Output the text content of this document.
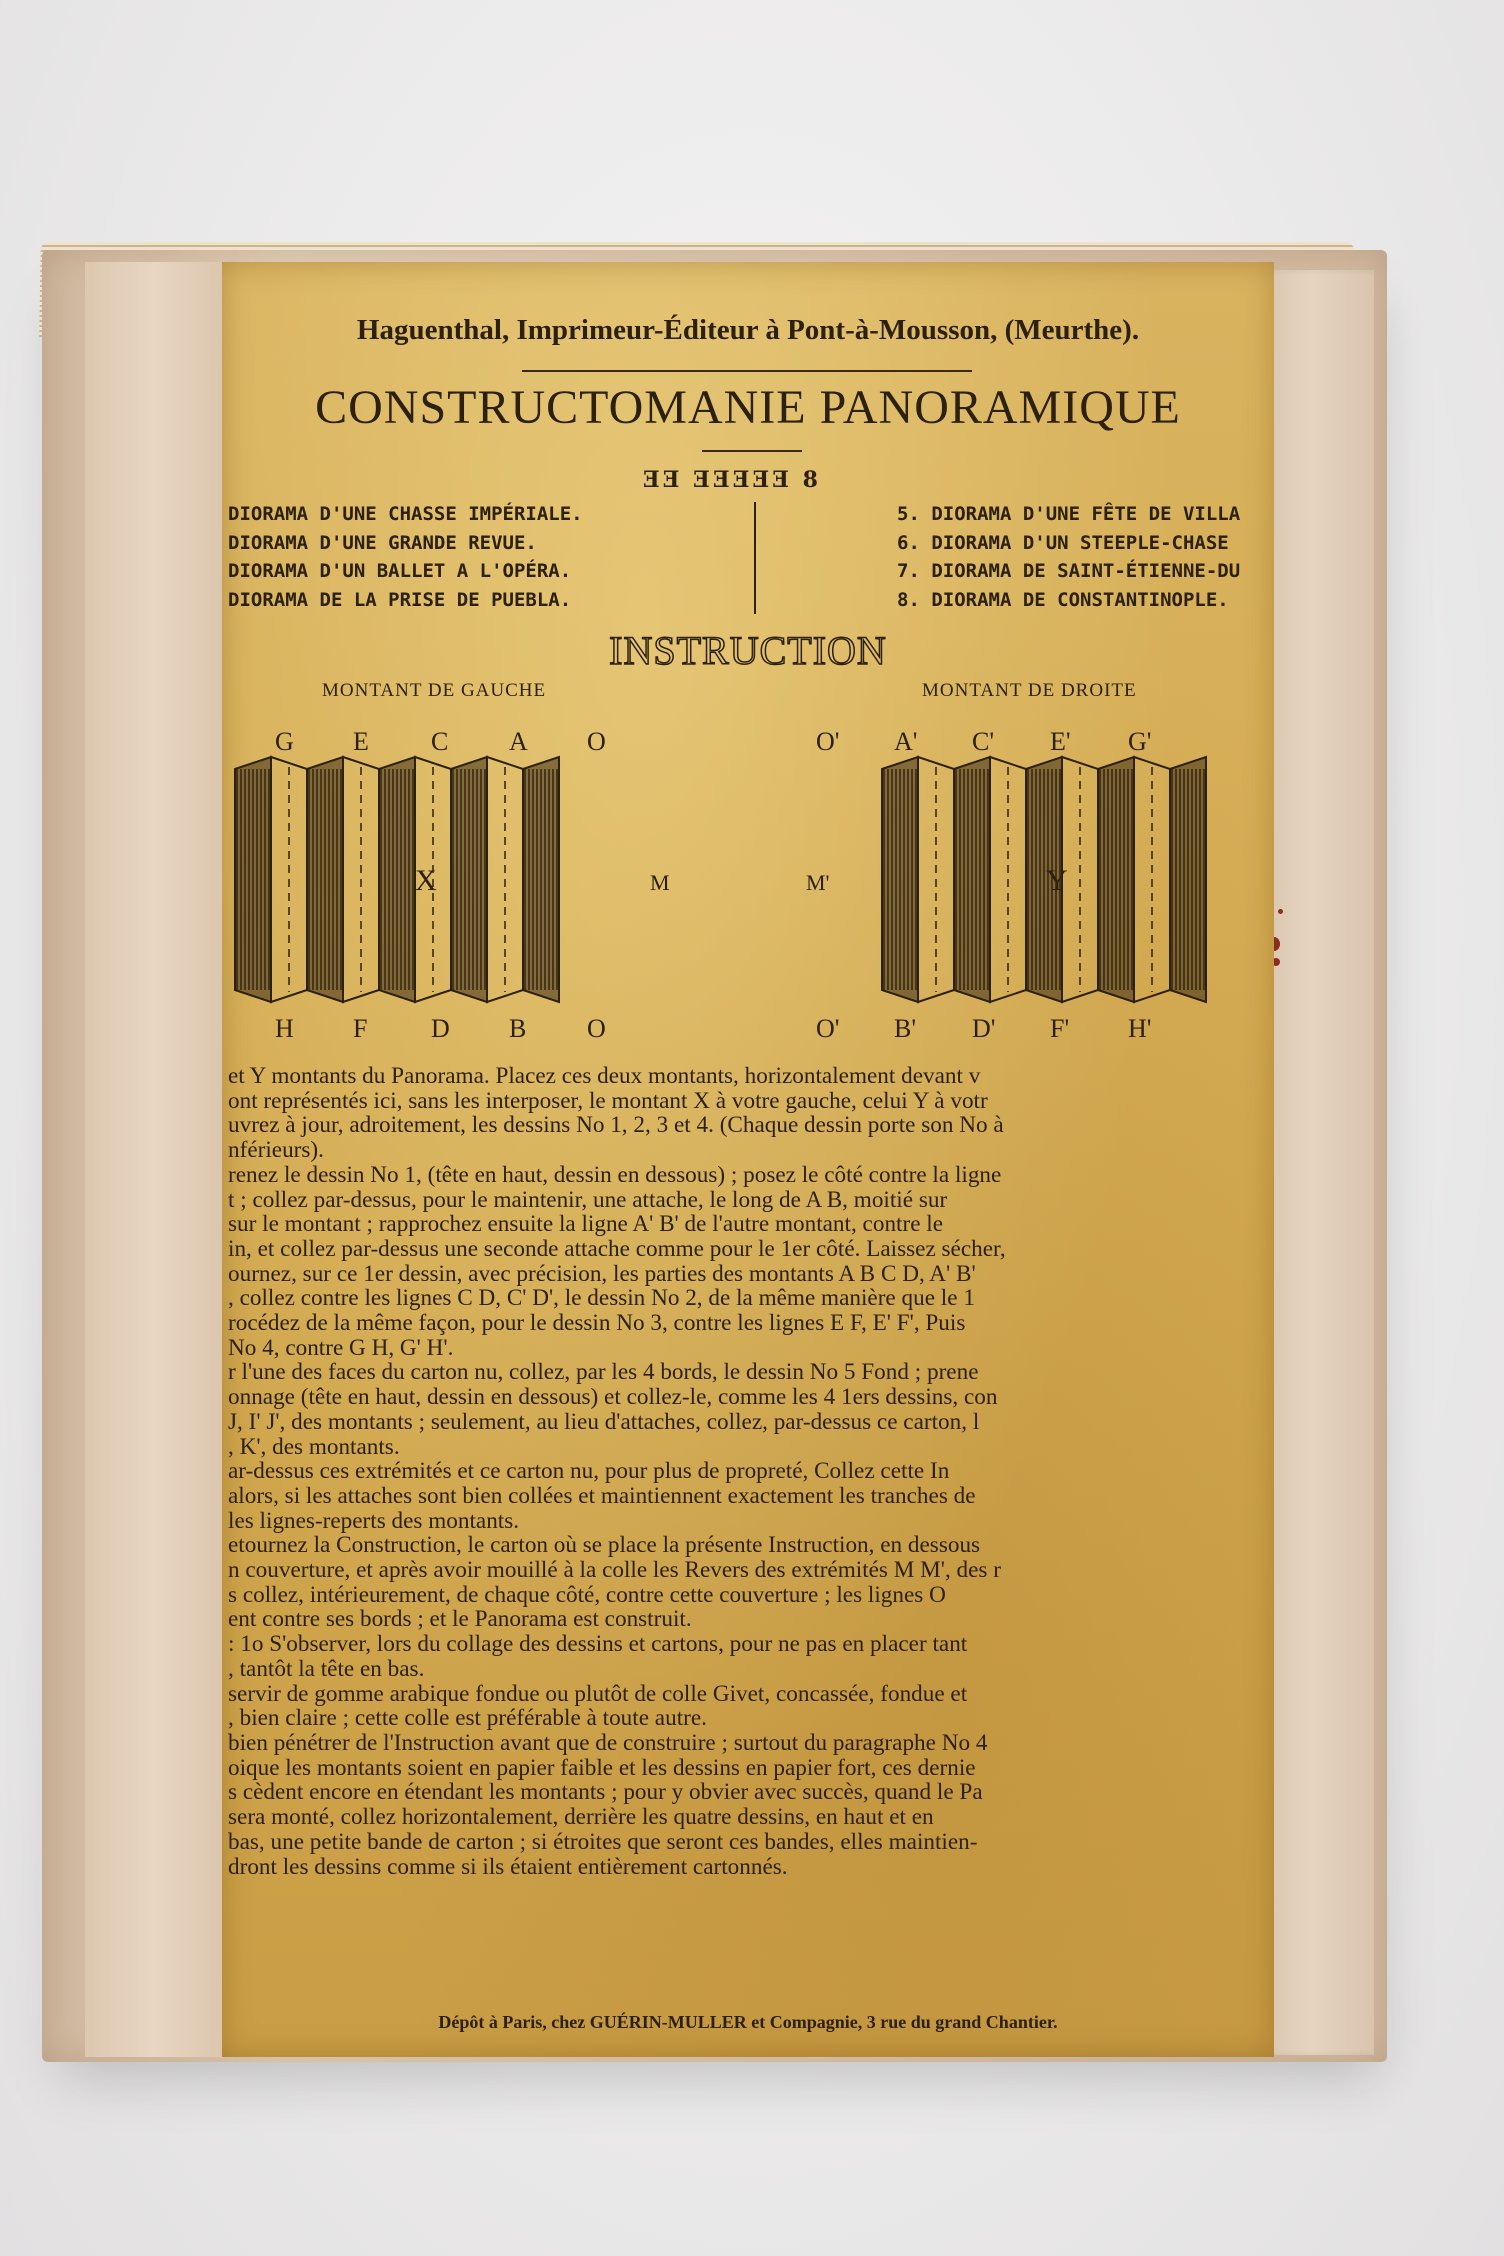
Haguenthal, Imprimeur-Éditeur à Pont-à-Mousson, (Meurthe).
CONSTRUCTOMANIE PANORAMIQUE
ƎƎ ƎƎƎƎƎ 8
DIORAMA D'UNE CHASSE IMPÉRIALE.
DIORAMA D'UNE GRANDE REVUE.
DIORAMA D'UN BALLET A L'OPÉRA.
DIORAMA DE LA PRISE DE PUEBLA.
5. DIORAMA D'UNE FÊTE DE VILLA
6. DIORAMA D'UN STEEPLE-CHASE
7. DIORAMA DE SAINT-ÉTIENNE-DU
8. DIORAMA DE CONSTANTINOPLE.
INSTRUCTION
MONTANT DE GAUCHE	MONTANT DE DROITE
G
H
E
F
C
D
A
B
O
O
X	M
O'
O'
A'
B'
C'
D'
E'
F'
G'
H'
Y
M'
et Y montants du Panorama. Placez ces deux montants, horizontalement devant v
ont représentés ici, sans les interposer, le montant X à votre gauche, celui Y à votr
uvrez à jour, adroitement, les dessins No 1, 2, 3 et 4. (Chaque dessin porte son No à
nférieurs).
renez le dessin No 1, (tête en haut, dessin en dessous) ; posez le côté contre la ligne
t ; collez par-dessus, pour le maintenir, une attache, le long de A B, moitié sur
sur le montant ; rapprochez ensuite la ligne A' B' de l'autre montant, contre le
in, et collez par-dessus une seconde attache comme pour le 1er côté. Laissez sécher,
ournez, sur ce 1er dessin, avec précision, les parties des montants A B C D, A' B'
, collez contre les lignes C D, C' D', le dessin No 2, de la même manière que le 1
rocédez de la même façon, pour le dessin No 3, contre les lignes E F, E' F', Puis
No 4, contre G H, G' H'.
r l'une des faces du carton nu, collez, par les 4 bords, le dessin No 5 Fond ; prene
onnage (tête en haut, dessin en dessous) et collez-le, comme les 4 1ers dessins, con
J, I' J', des montants ; seulement, au lieu d'attaches, collez, par-dessus ce carton, l
, K', des montants.
ar-dessus ces extrémités et ce carton nu, pour plus de propreté, Collez cette In
alors, si les attaches sont bien collées et maintiennent exactement les tranches de
les lignes-reperts des montants.
etournez la Construction, le carton où se place la présente Instruction, en dessous
n couverture, et après avoir mouillé à la colle les Revers des extrémités M M', des r
s collez, intérieurement, de chaque côté, contre cette couverture ; les lignes O
ent contre ses bords ; et le Panorama est construit.
: 1o S'observer, lors du collage des dessins et cartons, pour ne pas en placer tant
, tantôt la tête en bas.
servir de gomme arabique fondue ou plutôt de colle Givet, concassée, fondue et
, bien claire ; cette colle est préférable à toute autre.
bien pénétrer de l'Instruction avant que de construire ; surtout du paragraphe No 4
oique les montants soient en papier faible et les dessins en papier fort, ces dernie
s cèdent encore en étendant les montants ; pour y obvier avec succès, quand le Pa
sera monté, collez horizontalement, derrière les quatre dessins, en haut et en
bas, une petite bande de carton ; si étroites que seront ces bandes, elles maintien-
dront les dessins comme si ils étaient entièrement cartonnés.
Dépôt à Paris, chez GUÉRIN-MULLER et Compagnie, 3 rue du grand Chantier.
